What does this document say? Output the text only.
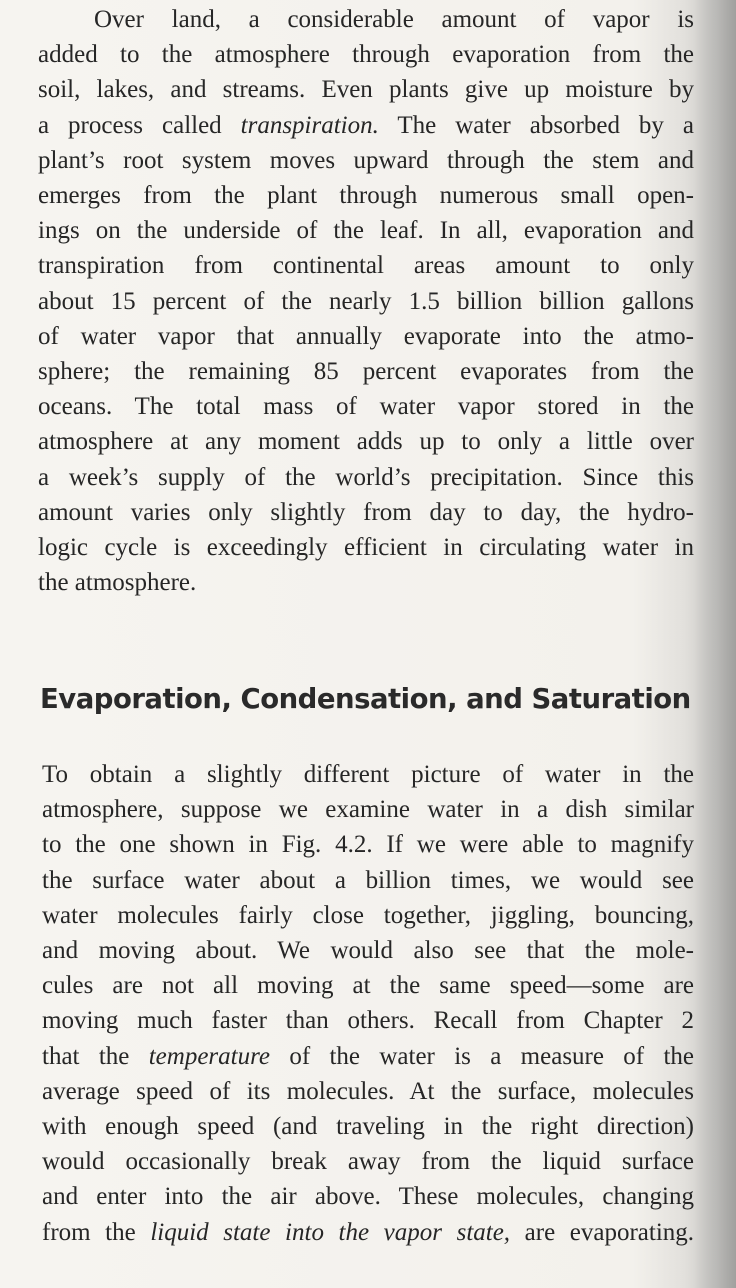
Over land, a considerable amount of vapor is
added to the atmosphere through evaporation from the
soil, lakes, and streams. Even plants give up moisture by
a process called transpiration. The water absorbed by a
plant’s root system moves upward through the stem and
emerges from the plant through numerous small open-
ings on the underside of the leaf. In all, evaporation and
transpiration from continental areas amount to only
about 15 percent of the nearly 1.5 billion billion gallons
of water vapor that annually evaporate into the atmo-
sphere; the remaining 85 percent evaporates from the
oceans. The total mass of water vapor stored in the
atmosphere at any moment adds up to only a little over
a week’s supply of the world’s precipitation. Since this
amount varies only slightly from day to day, the hydro-
logic cycle is exceedingly efficient in circulating water in
the atmosphere.
Evaporation, Condensation, and Saturation
To obtain a slightly different picture of water in the
atmosphere, suppose we examine water in a dish similar
to the one shown in Fig. 4.2. If we were able to magnify
the surface water about a billion times, we would see
water molecules fairly close together, jiggling, bouncing,
and moving about. We would also see that the mole-
cules are not all moving at the same speed—some are
moving much faster than others. Recall from Chapter 2
that the temperature of the water is a measure of the
average speed of its molecules. At the surface, molecules
with enough speed (and traveling in the right direction)
would occasionally break away from the liquid surface
and enter into the air above. These molecules, changing
from the liquid state into the vapor state, are evaporating.
